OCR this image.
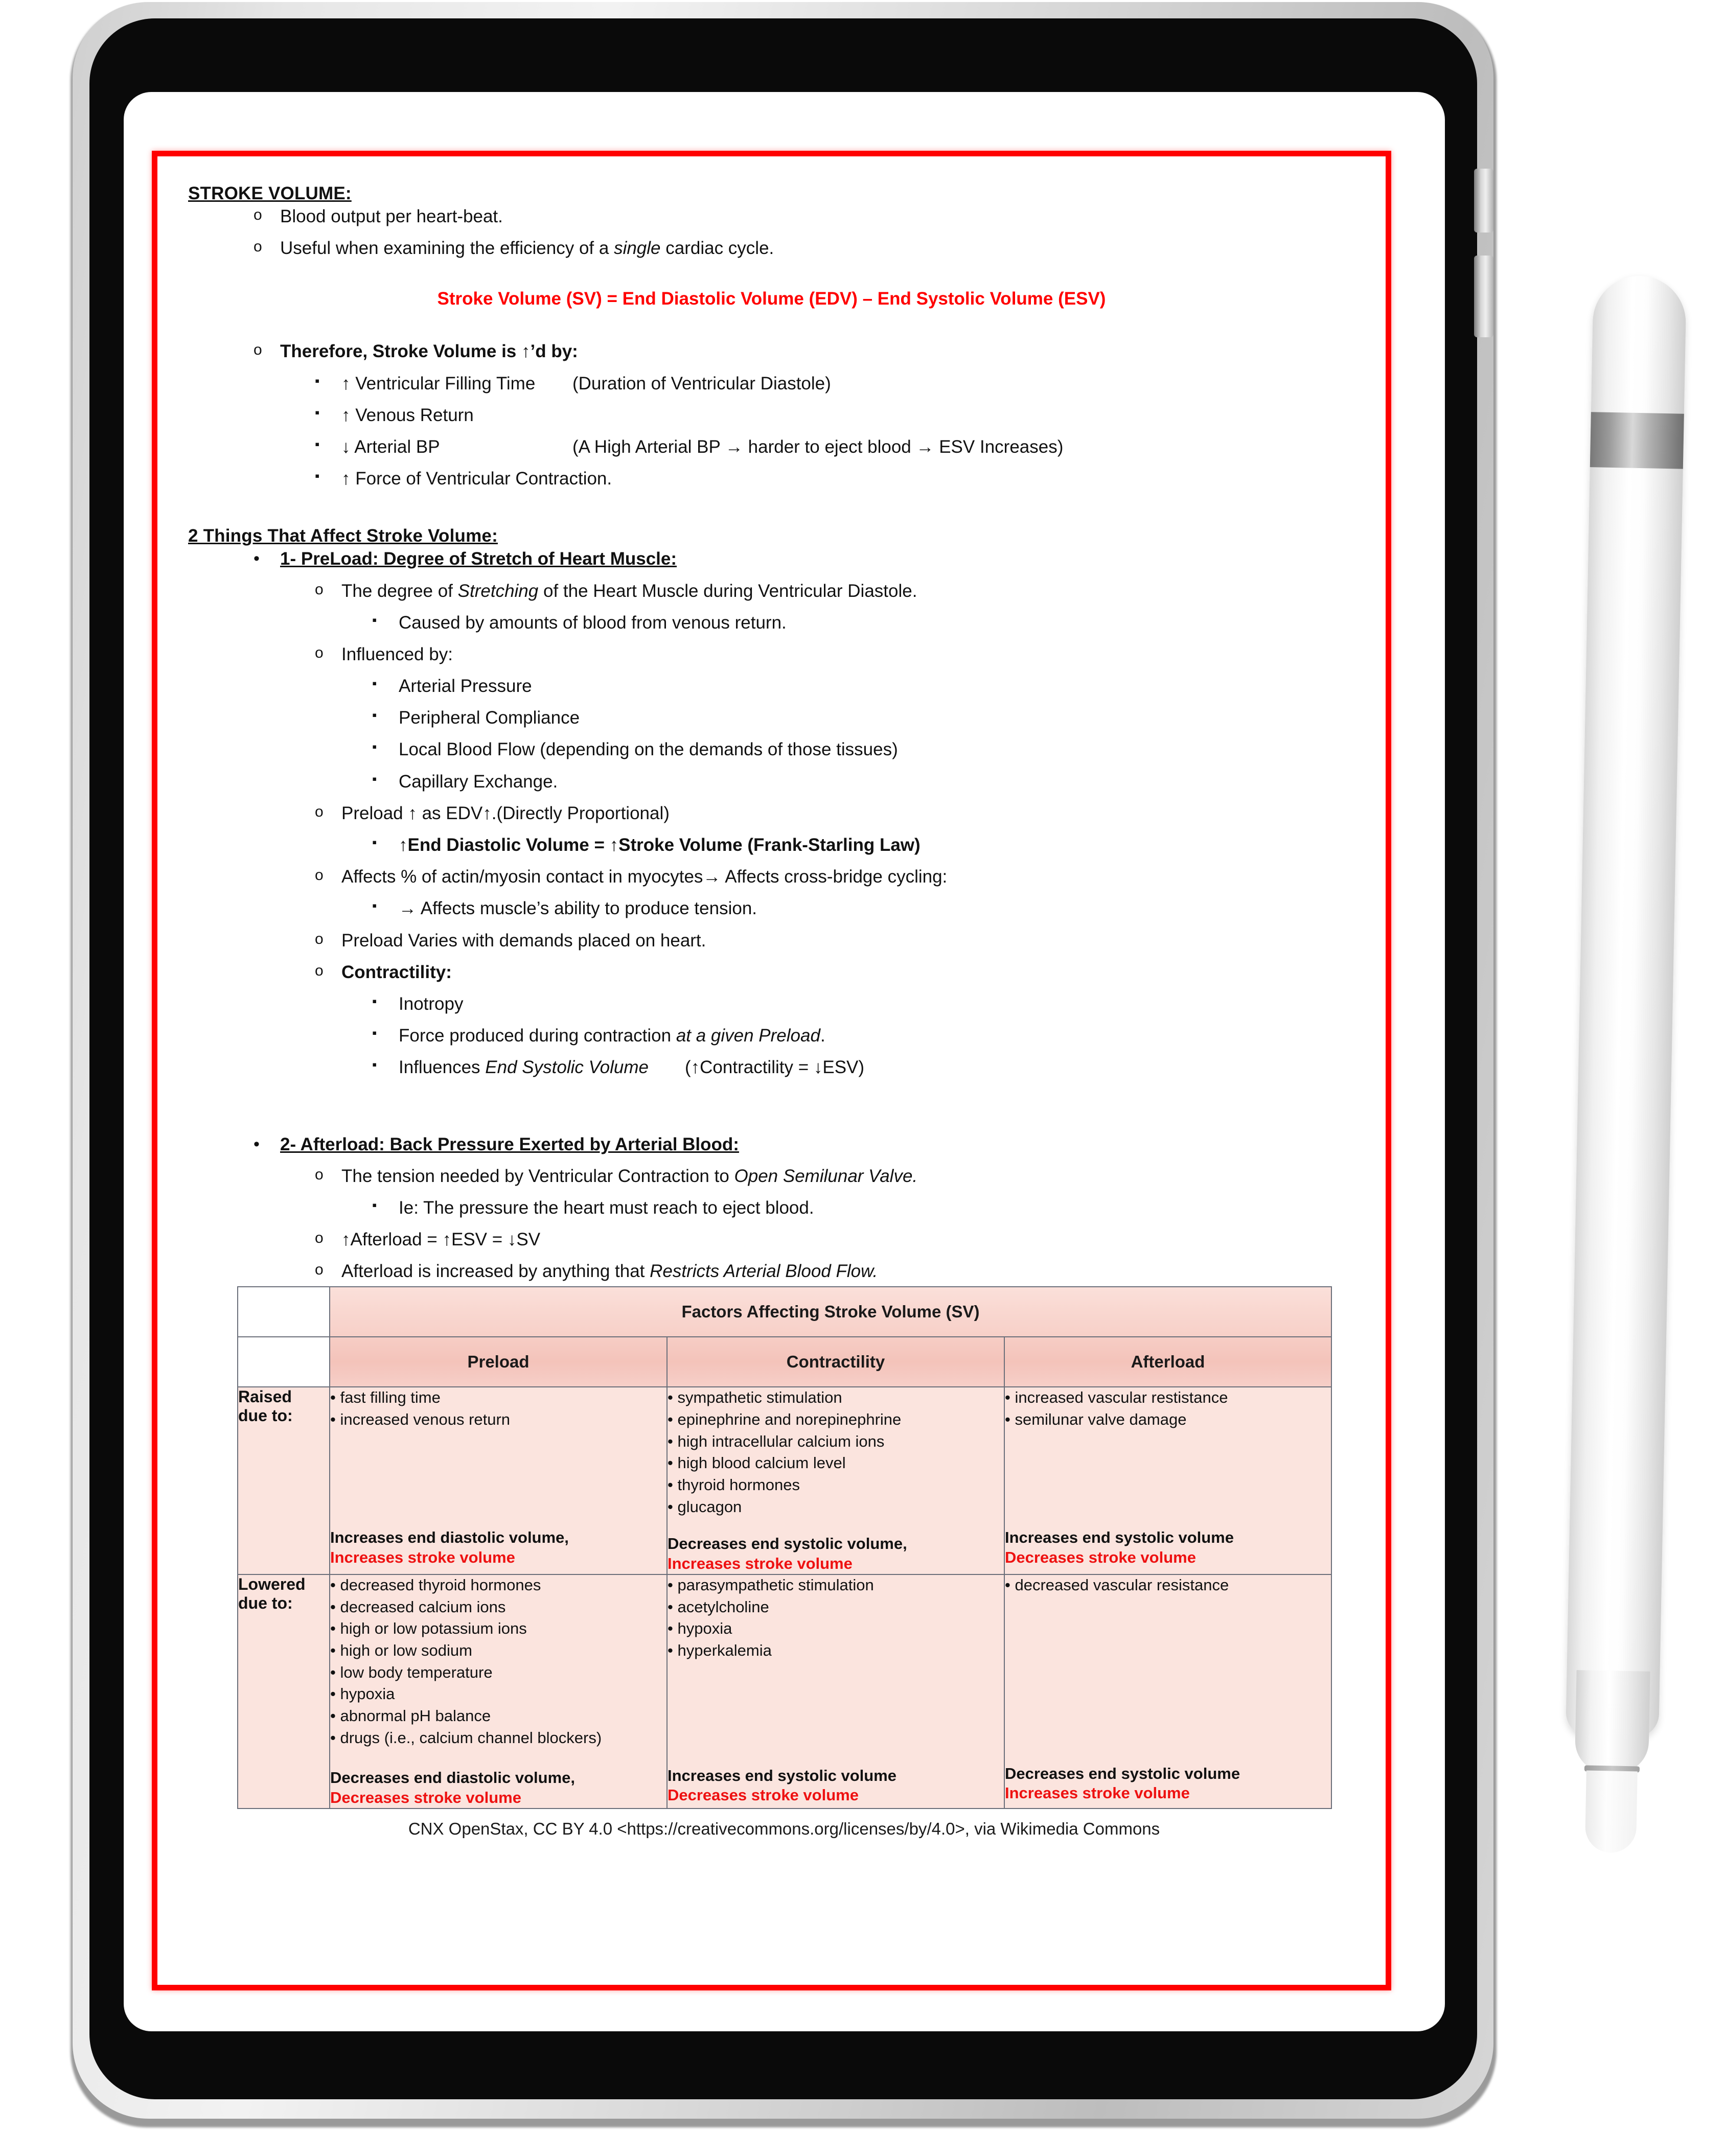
STROKE VOLUME:
o	Blood output per heart-beat.
o	Useful when examining the efficiency of a single cardiac cycle.
Stroke Volume (SV) = End Diastolic Volume (EDV) – End Systolic Volume (ESV)
o	Therefore, Stroke Volume is ↑’d by:
▪	↑ Ventricular Filling Time (Duration of Ventricular Diastole)
▪	↑ Venous Return
▪	↓ Arterial BP	(A High Arterial BP → harder to eject blood → ESV Increases)
▪	↑ Force of Ventricular Contraction.
2 Things That Affect Stroke Volume:
•	1- PreLoad: Degree of Stretch of Heart Muscle:
o	The degree of Stretching of the Heart Muscle during Ventricular Diastole.
▪	Caused by amounts of blood from venous return.
o	Influenced by:
▪	Arterial Pressure
▪	Peripheral Compliance
▪	Local Blood Flow (depending on the demands of those tissues)
▪	Capillary Exchange.
o	Preload ↑ as EDV↑.(Directly Proportional)
▪	↑End Diastolic Volume = ↑Stroke Volume (Frank-Starling Law)
o	Affects % of actin/myosin contact in myocytes→ Affects cross-bridge cycling:
▪	→ Affects muscle’s ability to produce tension.
o	Preload Varies with demands placed on heart.
o	Contractility:
▪	Inotropy
▪	Force produced during contraction at a given Preload.
▪	Influences End Systolic Volume (↑Contractility = ↓ESV)
•	2- Afterload: Back Pressure Exerted by Arterial Blood:
o	The tension needed by Ventricular Contraction to Open Semilunar Valve.
▪	Ie: The pressure the heart must reach to eject blood.
o	↑Afterload = ↑ESV = ↓SV
o	Afterload is increased by anything that Restricts Arterial Blood Flow.
	Factors Affecting Stroke Volume (SV)		
	Preload	Contractility	Afterload
Raised
due to:	
• fast filling time
• increased venous return
Increases end diastolic volume,
Increases stroke volume

• sympathetic stimulation
• epinephrine and norepinephrine
• high intracellular calcium ions
• high blood calcium level
• thyroid hormones
• glucagon
Decreases end systolic volume,
Increases stroke volume

• increased vascular restistance
• semilunar valve damage
Increases end systolic volume
Decreases stroke volume

Lowered
due to:	
• decreased thyroid hormones
• decreased calcium ions
• high or low potassium ions
• high or low sodium
• low body temperature
• hypoxia
• abnormal pH balance
• drugs (i.e., calcium channel blockers)
Decreases end diastolic volume,
Decreases stroke volume

• parasympathetic stimulation
• acetylcholine
• hypoxia
• hyperkalemia
Increases end systolic volume
Decreases stroke volume

• decreased vascular resistance
Decreases end systolic volume
Increases stroke volume
CNX OpenStax, CC BY 4.0 <https://creativecommons.org/licenses/by/4.0>, via Wikimedia Commons
